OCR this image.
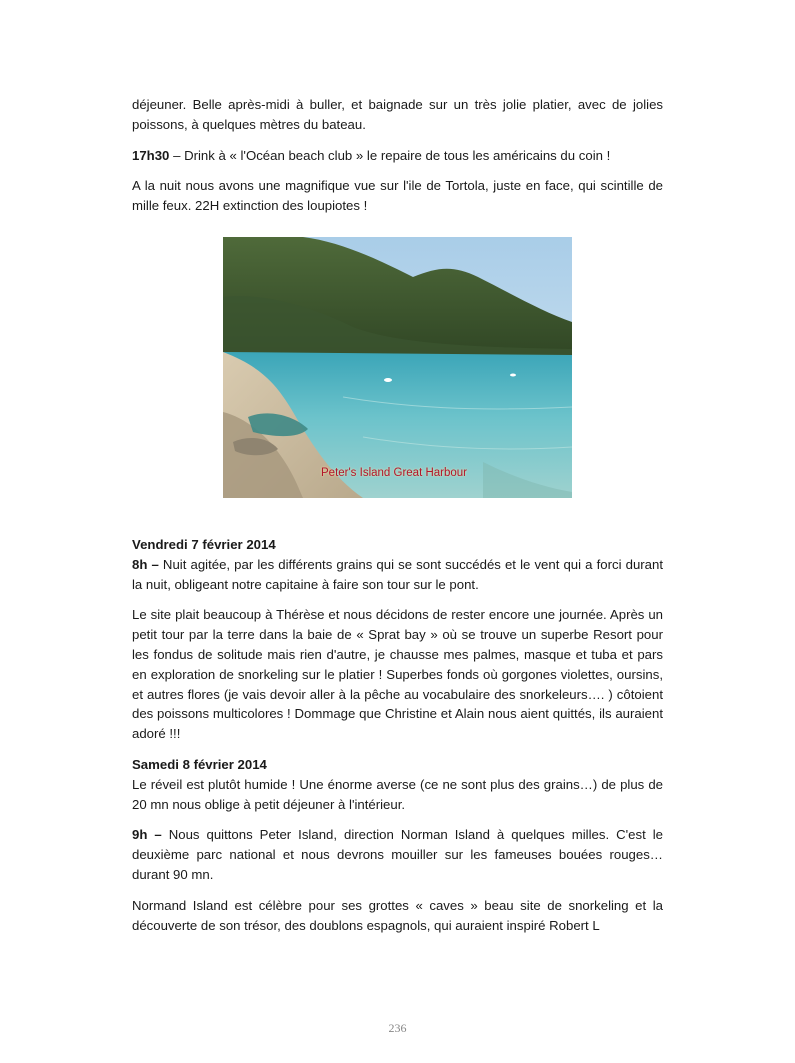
déjeuner. Belle après-midi à buller, et baignade sur un très jolie platier, avec de jolies poissons, à quelques mètres du bateau.

17h30 – Drink à « l'Océan beach club » le repaire de tous les américains du coin !

A la nuit nous avons une magnifique vue sur l'ile de Tortola, juste en face, qui scintille de mille feux. 22H extinction des loupiotes !

Peter's Island Great Harbour

Vendredi 7 février 2014

8h – Nuit agitée, par les différents grains qui se sont succédés et le vent qui a forci durant la nuit, obligeant notre capitaine à faire son tour sur le pont.

Le site plait beaucoup à Thérèse et nous décidons de rester encore une journée. Après un petit tour par la terre dans la baie de « Sprat bay » où se trouve un superbe Resort pour les fondus de solitude mais rien d'autre, je chausse mes palmes, masque et tuba et pars en exploration de snorkeling sur le platier ! Superbes fonds où gorgones violettes, oursins, et autres flores (je vais devoir aller à la pêche au vocabulaire des snorkeleurs…. ) côtoient des poissons multicolores ! Dommage que Christine et Alain nous aient quittés, ils auraient adoré !!!

Samedi 8 février 2014

Le réveil est plutôt humide ! Une énorme averse (ce ne sont plus des grains…) de plus de 20 mn nous oblige à petit déjeuner à l'intérieur.

9h – Nous quittons Peter Island, direction Norman Island à quelques milles. C'est le deuxième parc national et nous devrons mouiller sur les fameuses bouées rouges… durant 90 mn.

Normand Island est célèbre pour ses grottes « caves » beau site de snorkeling et la découverte de son trésor, des doublons espagnols, qui auraient inspiré Robert L

236
